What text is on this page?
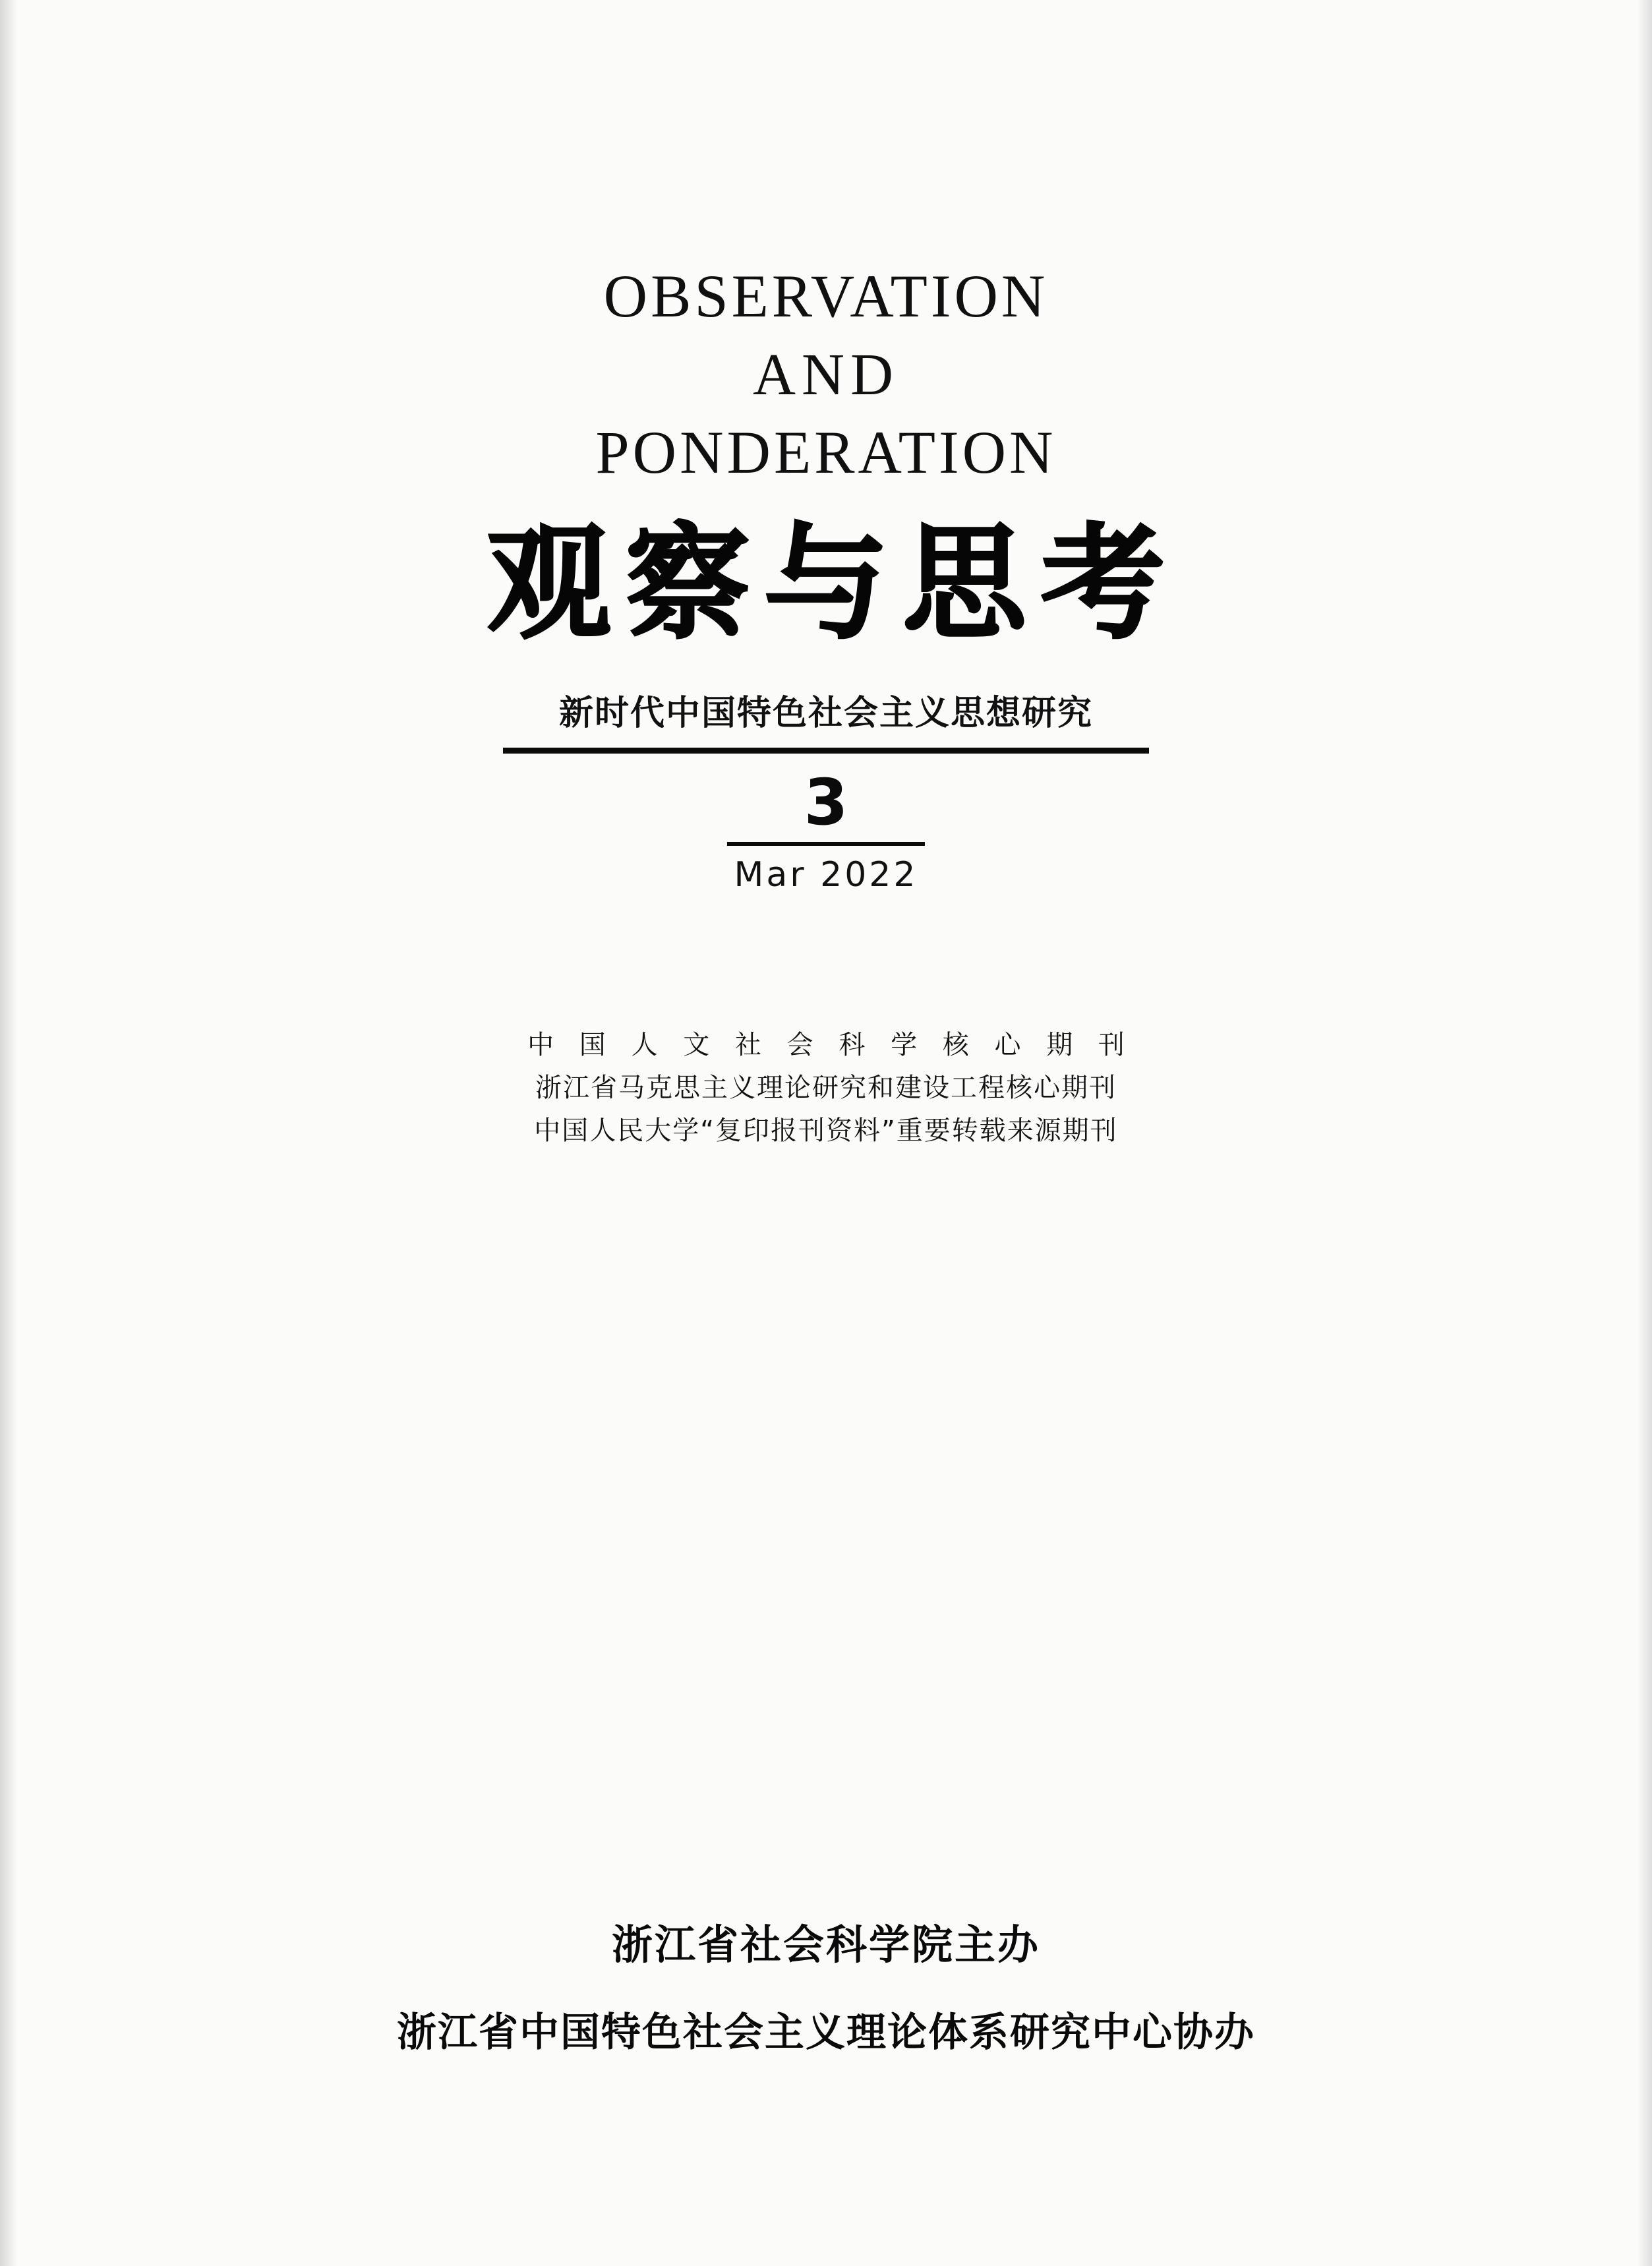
OBSERVATION
AND
PONDERATION
观察与思考
新时代中国特色社会主义思想研究
3
Mar 2022
中 国 人 文 社 会 科 学 核 心 期 刊
浙江省马克思主义理论研究和建设工程核心期刊
中国人民大学“复印报刊资料”重要转载来源期刊
浙江省社会科学院主办
浙江省中国特色社会主义理论体系研究中心协办
